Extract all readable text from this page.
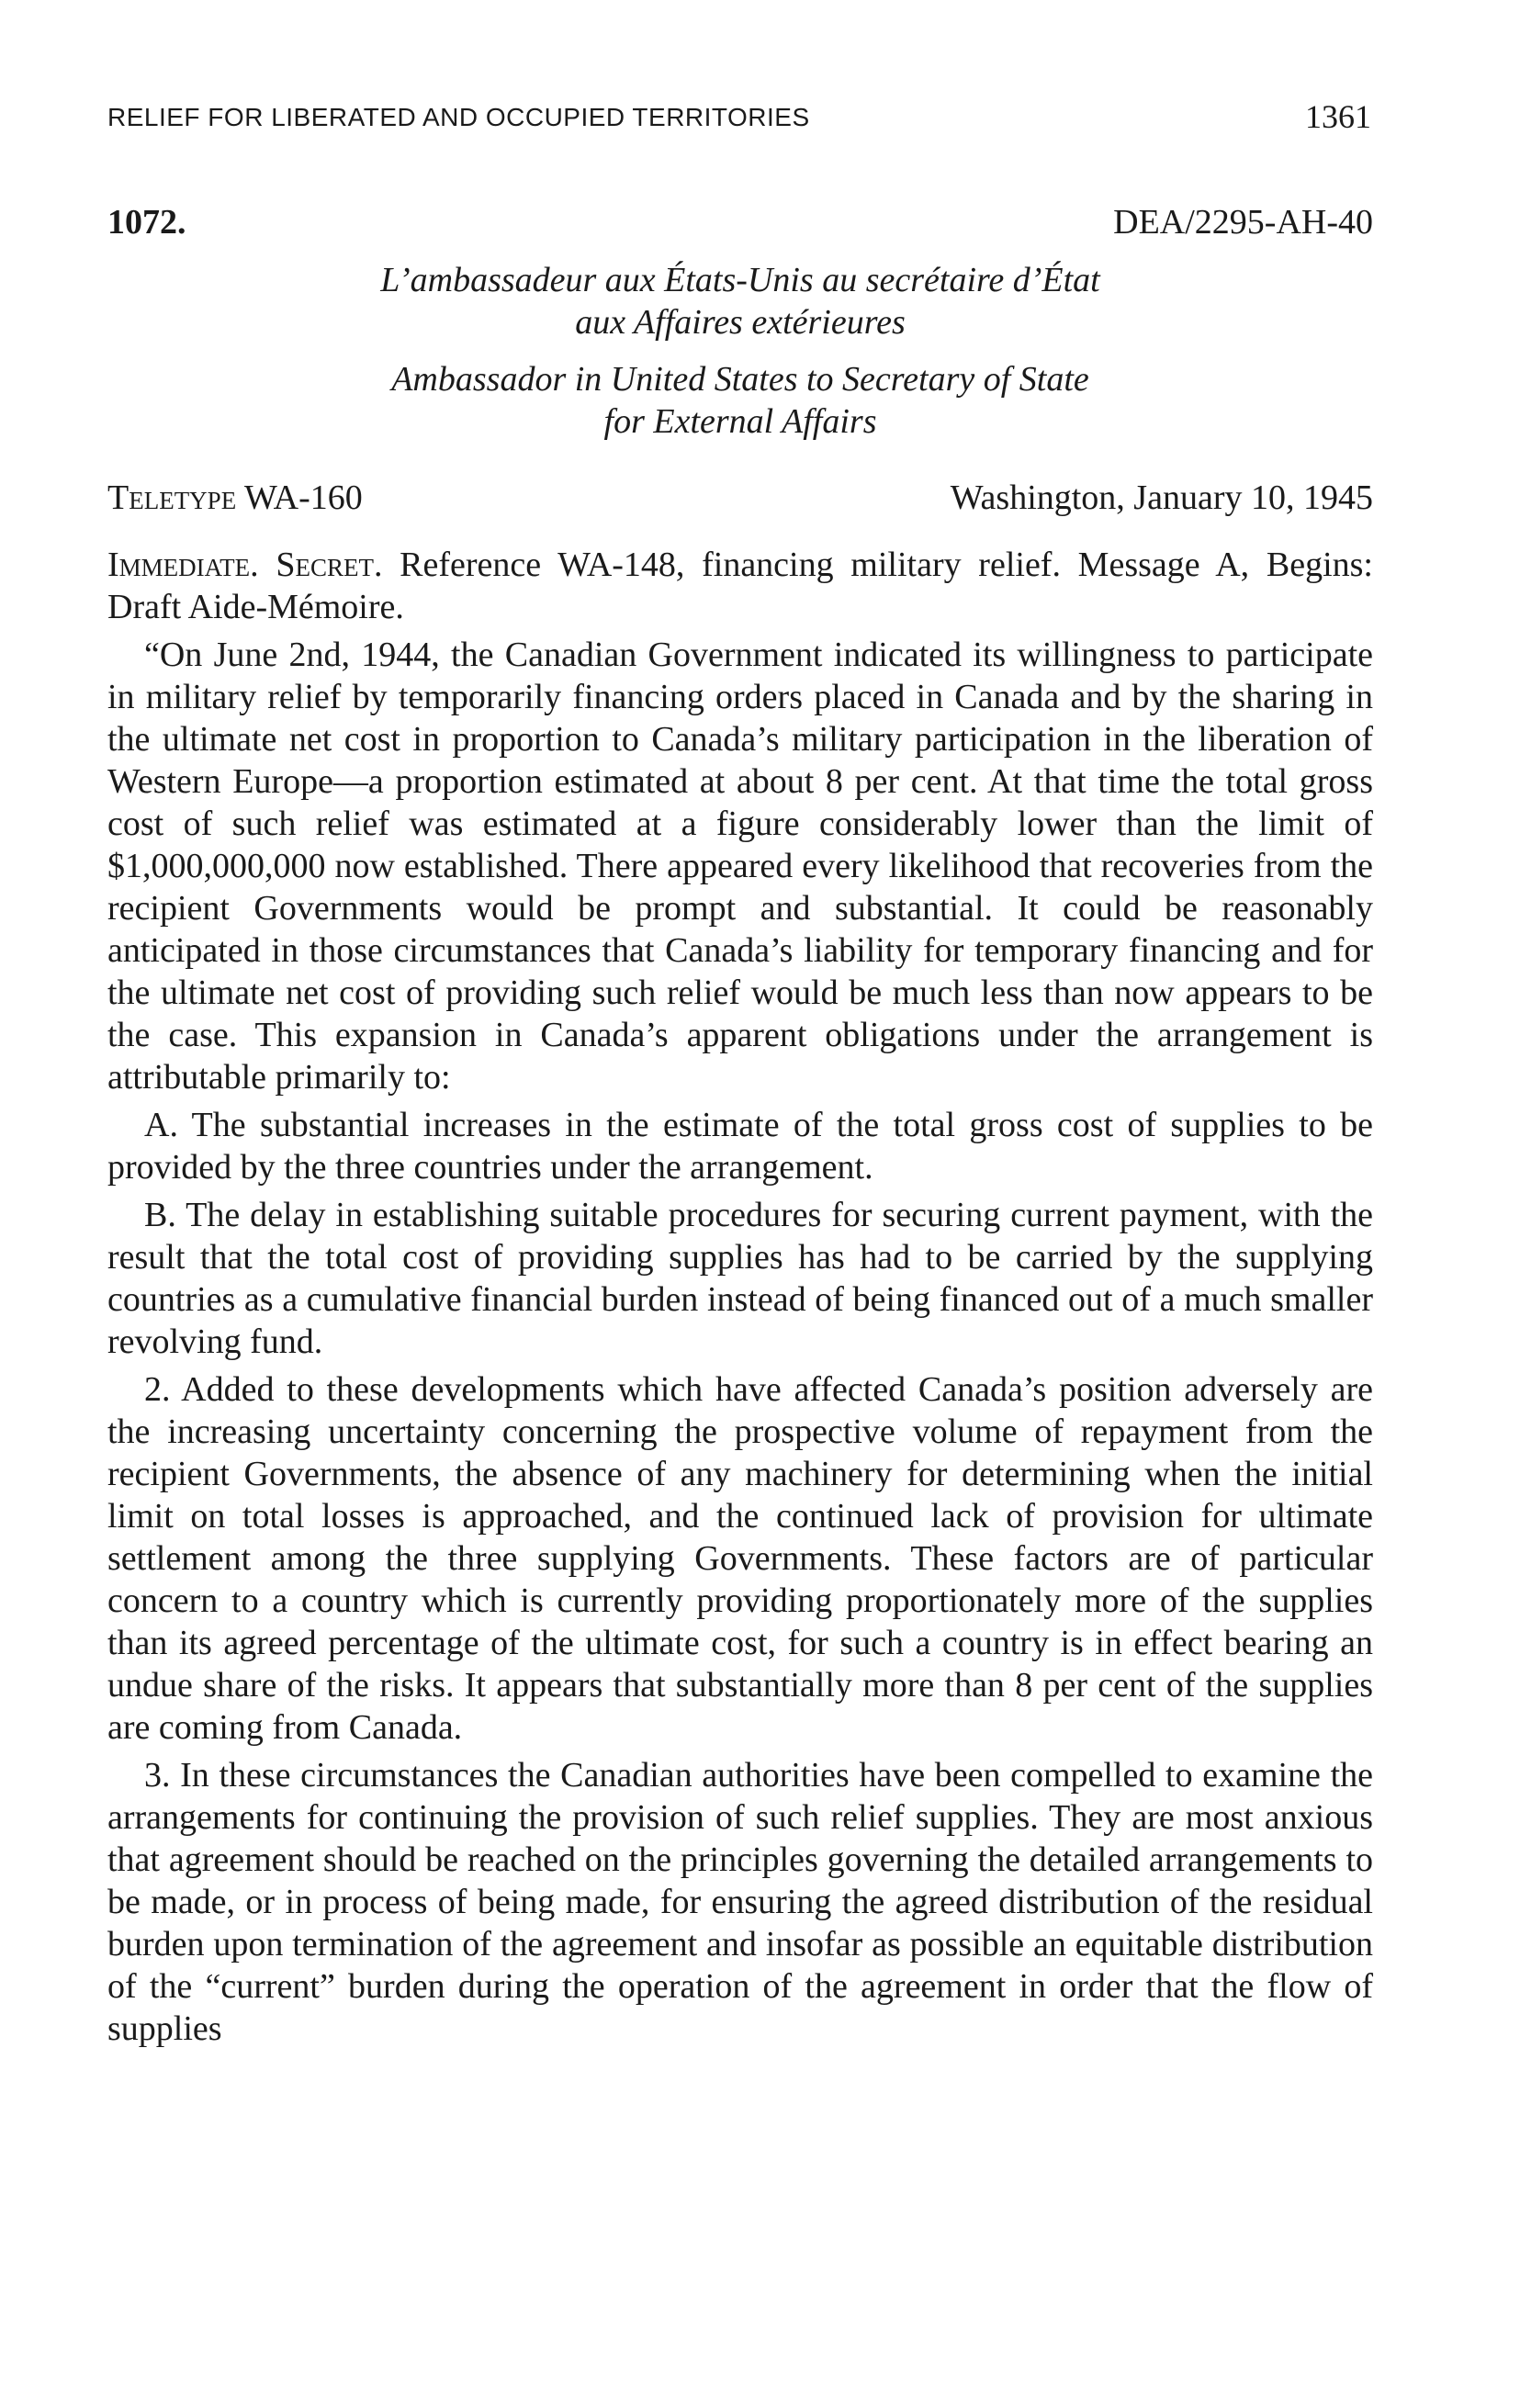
RELIEF FOR LIBERATED AND OCCUPIED TERRITORIES	1361
1072.	DEA/2295-AH-40
L’ambassadeur aux États-Unis au secrétaire d’État
aux Affaires extérieures
Ambassador in United States to Secretary of State
for External Affairs
Teletype WA-160	Washington, January 10, 1945

Immediate. Secret. Reference WA-148, financing military relief. Message A, Begins: Draft Aide-Mémoire.

“On June 2nd, 1944, the Canadian Government indicated its willingness to participate in military relief by temporarily financing orders placed in Canada and by the sharing in the ultimate net cost in proportion to Canada’s military participation in the liberation of Western Europe—a proportion estimated at about 8 per cent. At that time the total gross cost of such relief was estimated at a figure considerably lower than the limit of $1,000,000,000 now established. There appeared every likelihood that recoveries from the recipient Governments would be prompt and substantial. It could be reasonably anticipated in those circumstances that Canada’s liability for temporary financing and for the ultimate net cost of providing such relief would be much less than now appears to be the case. This expansion in Canada’s apparent obligations under the arrangement is attributable primarily to:

A. The substantial increases in the estimate of the total gross cost of supplies to be provided by the three countries under the arrangement.

B. The delay in establishing suitable procedures for securing current payment, with the result that the total cost of providing supplies has had to be carried by the supplying countries as a cumulative financial burden instead of being financed out of a much smaller revolving fund.

2. Added to these developments which have affected Canada’s position adversely are the increasing uncertainty concerning the prospective volume of repayment from the recipient Governments, the absence of any machinery for determining when the initial limit on total losses is approached, and the continued lack of provision for ultimate settlement among the three supplying Governments. These factors are of particular concern to a country which is currently providing proportionately more of the supplies than its agreed percentage of the ultimate cost, for such a country is in effect bearing an undue share of the risks. It appears that substantially more than 8 per cent of the supplies are coming from Canada.

3. In these circumstances the Canadian authorities have been compelled to examine the arrangements for continuing the provision of such relief supplies. They are most anxious that agreement should be reached on the principles governing the detailed arrangements to be made, or in process of being made, for ensuring the agreed distribution of the residual burden upon termination of the agreement and insofar as possible an equitable distribution of the “current” burden during the operation of the agreement in order that the flow of supplies
